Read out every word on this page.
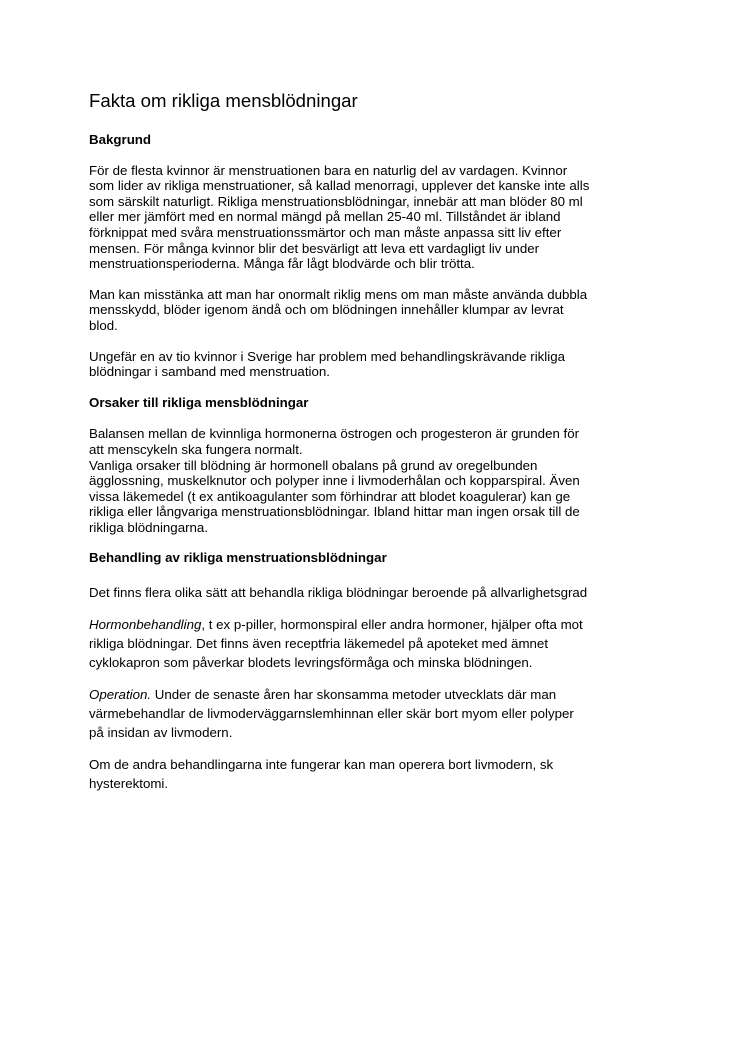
Fakta om rikliga mensblödningar
Bakgrund

För de flesta kvinnor är menstruationen bara en naturlig del av vardagen. Kvinnor
som lider av rikliga menstruationer, så kallad menorragi, upplever det kanske inte alls
som särskilt naturligt. Rikliga menstruationsblödningar, innebär att man blöder 80 ml
eller mer jämfört med en normal mängd på mellan 25-40 ml. Tillståndet är ibland
förknippat med svåra menstruationssmärtor och man måste anpassa sitt liv efter
mensen. För många kvinnor blir det besvärligt att leva ett vardagligt liv under
menstruationsperioderna. Många får lågt blodvärde och blir trötta.

Man kan misstänka att man har onormalt riklig mens om man måste använda dubbla
mensskydd, blöder igenom ändå och om blödningen innehåller klumpar av levrat
blod.

Ungefär en av tio kvinnor i Sverige har problem med behandlingskrävande rikliga
blödningar i samband med menstruation.

Orsaker till rikliga mensblödningar

Balansen mellan de kvinnliga hormonerna östrogen och progesteron är grunden för
att menscykeln ska fungera normalt.
Vanliga orsaker till blödning är hormonell obalans på grund av oregelbunden
ägglossning, muskelknutor och polyper inne i livmoderhålan och kopparspiral. Även
vissa läkemedel (t ex antikoagulanter som förhindrar att blodet koagulerar) kan ge
rikliga eller långvariga menstruationsblödningar. Ibland hittar man ingen orsak till de
rikliga blödningarna.

Behandling av rikliga menstruationsblödningar

Det finns flera olika sätt att behandla rikliga blödningar beroende på allvarlighetsgrad

Hormonbehandling, t ex p-piller, hormonspiral eller andra hormoner, hjälper ofta mot
rikliga blödningar. Det finns även receptfria läkemedel på apoteket med ämnet
cyklokapron som påverkar blodets levringsförmåga och minska blödningen.

Operation. Under de senaste åren har skonsamma metoder utvecklats där man
värmebehandlar de livmoderväggarnslemhinnan eller skär bort myom eller polyper
på insidan av livmodern.

Om de andra behandlingarna inte fungerar kan man operera bort livmodern, sk
hysterektomi.
